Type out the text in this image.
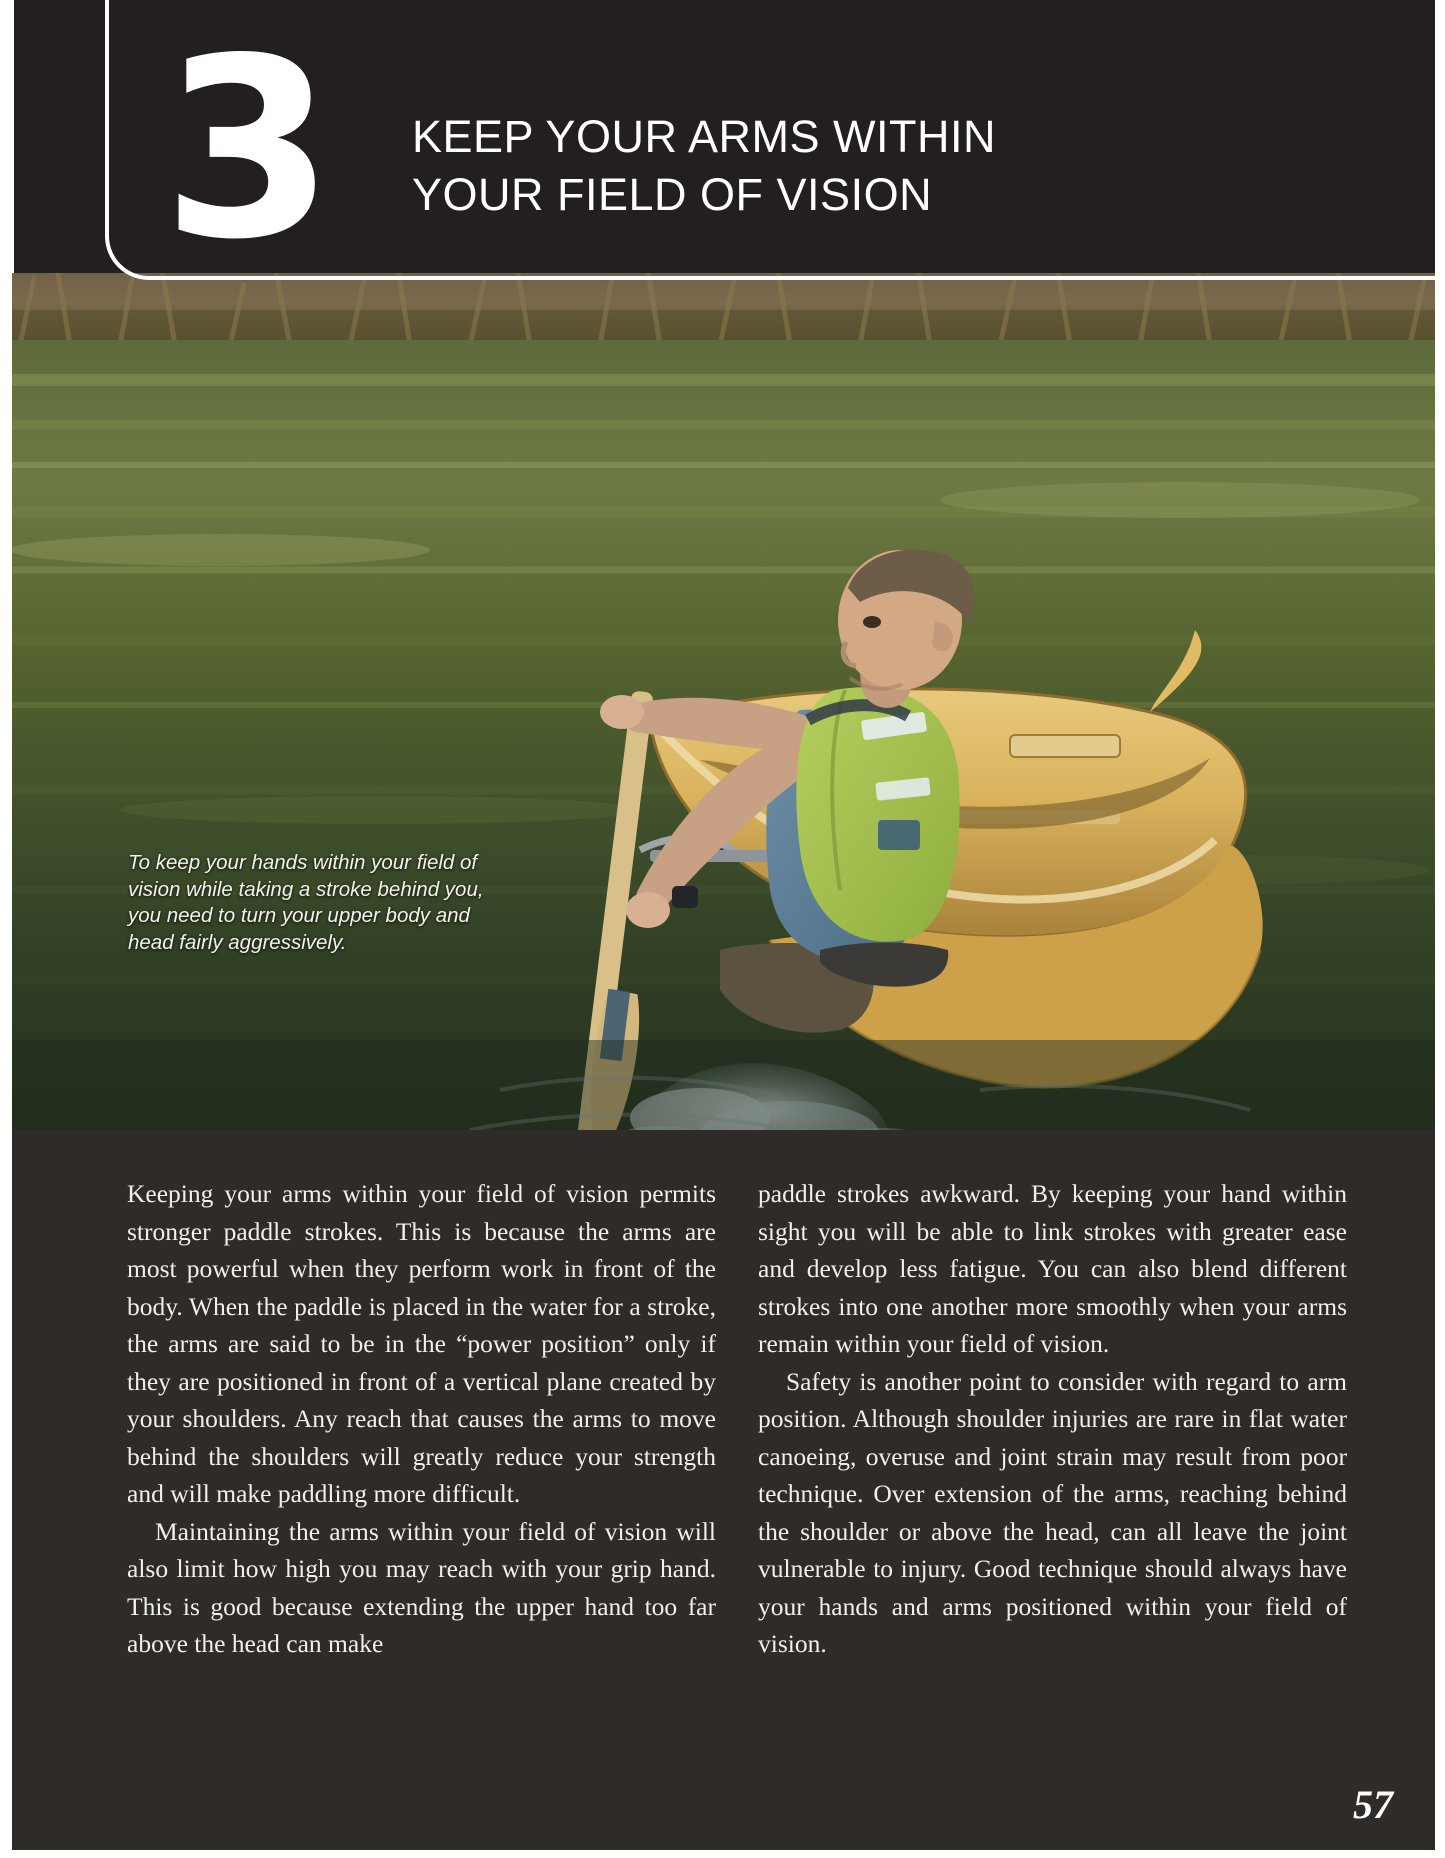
To keep your hands within your field of vision while taking a stroke behind you, you need to turn your upper body and head fairly aggressively.
3 KEEP YOUR ARMS WITHIN
YOUR FIELD OF VISION

Keeping your arms within your field of vision permits stronger paddle strokes. This is because the arms are most powerful when they perform work in front of the body. When the paddle is placed in the water for a stroke, the arms are said to be in the “power position” only if they are positioned in front of a vertical plane created by your shoulders. Any reach that causes the arms to move behind the shoulders will greatly reduce your strength and will make paddling more difficult.

Maintaining the arms within your field of vision will also limit how high you may reach with your grip hand. This is good because extending the upper hand too far above the head can make

paddle strokes awkward. By keeping your hand within sight you will be able to link strokes with greater ease and develop less fatigue. You can also blend different strokes into one another more smoothly when your arms remain within your field of vision.

Safety is another point to consider with regard to arm position. Although shoulder injuries are rare in flat water canoeing, overuse and joint strain may result from poor technique. Over extension of the arms, reaching behind the shoulder or above the head, can all leave the joint vulnerable to injury. Good technique should always have your hands and arms positioned within your field of vision.

57
